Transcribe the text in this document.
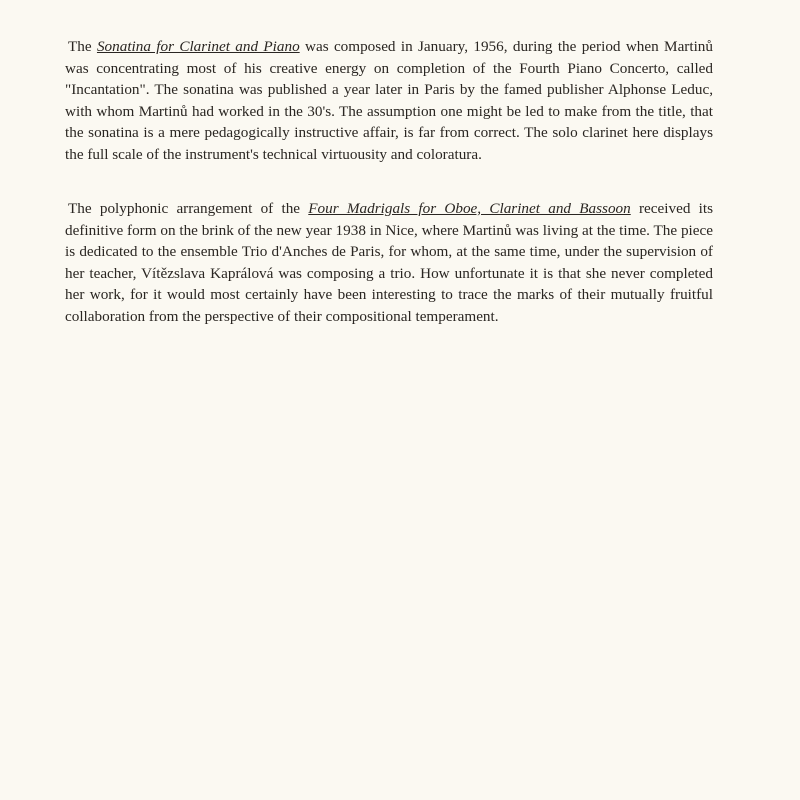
The Sonatina for Clarinet and Piano was composed in January, 1956, during the period when Martinů was concentrating most of his creative energy on completion of the Fourth Piano Concerto, called "Incantation". The sonatina was published a year later in Paris by the famed publisher Alphonse Leduc, with whom Martinů had worked in the 30's. The assumption one might be led to make from the title, that the sonatina is a mere pedagogically instructive affair, is far from correct. The solo clarinet here displays the full scale of the instrument's technical virtuousity and coloratura.

The polyphonic arrangement of the Four Madrigals for Oboe, Clarinet and Bassoon received its definitive form on the brink of the new year 1938 in Nice, where Martinů was living at the time. The piece is dedicated to the ensemble Trio d'Anches de Paris, for whom, at the same time, under the supervision of her teacher, Vítězslava Kaprálová was composing a trio. How unfortunate it is that she never completed her work, for it would most certainly have been interesting to trace the marks of their mutually fruitful collaboration from the perspective of their compositional temperament.
